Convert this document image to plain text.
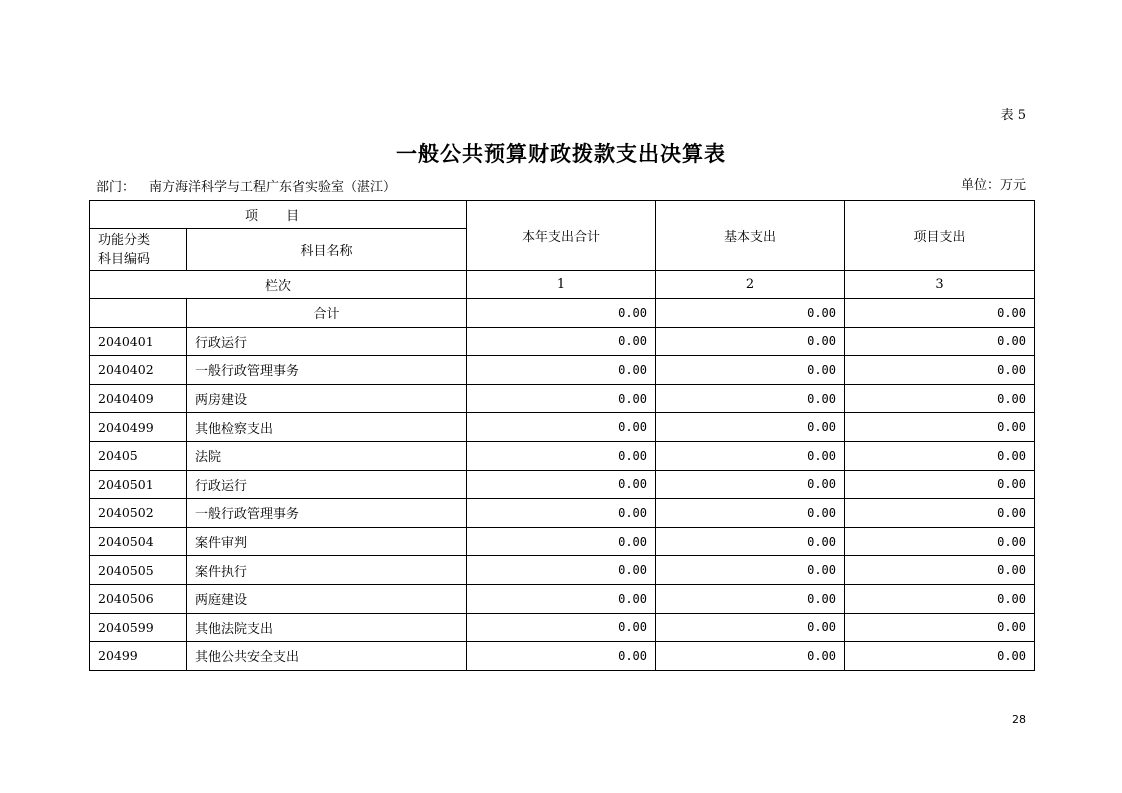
表 5
一般公共预算财政拨款支出决算表
部门： 南方海洋科学与工程广东省实验室（湛江）	单位：万元
项 目		本年支出合计	基本支出	项目支出

功能分类
科目编码	科目名称			
栏次		1	2	3
	合计	0.00	0.00	0.00
2040401	行政运行	0.00	0.00	0.00
2040402	一般行政管理事务	0.00	0.00	0.00
2040409	两房建设	0.00	0.00	0.00
2040499	其他检察支出	0.00	0.00	0.00
20405	法院	0.00	0.00	0.00
2040501	行政运行	0.00	0.00	0.00
2040502	一般行政管理事务	0.00	0.00	0.00
2040504	案件审判	0.00	0.00	0.00
2040505	案件执行	0.00	0.00	0.00
2040506	两庭建设	0.00	0.00	0.00
2040599	其他法院支出	0.00	0.00	0.00
20499	其他公共安全支出	0.00	0.00	0.00
28
